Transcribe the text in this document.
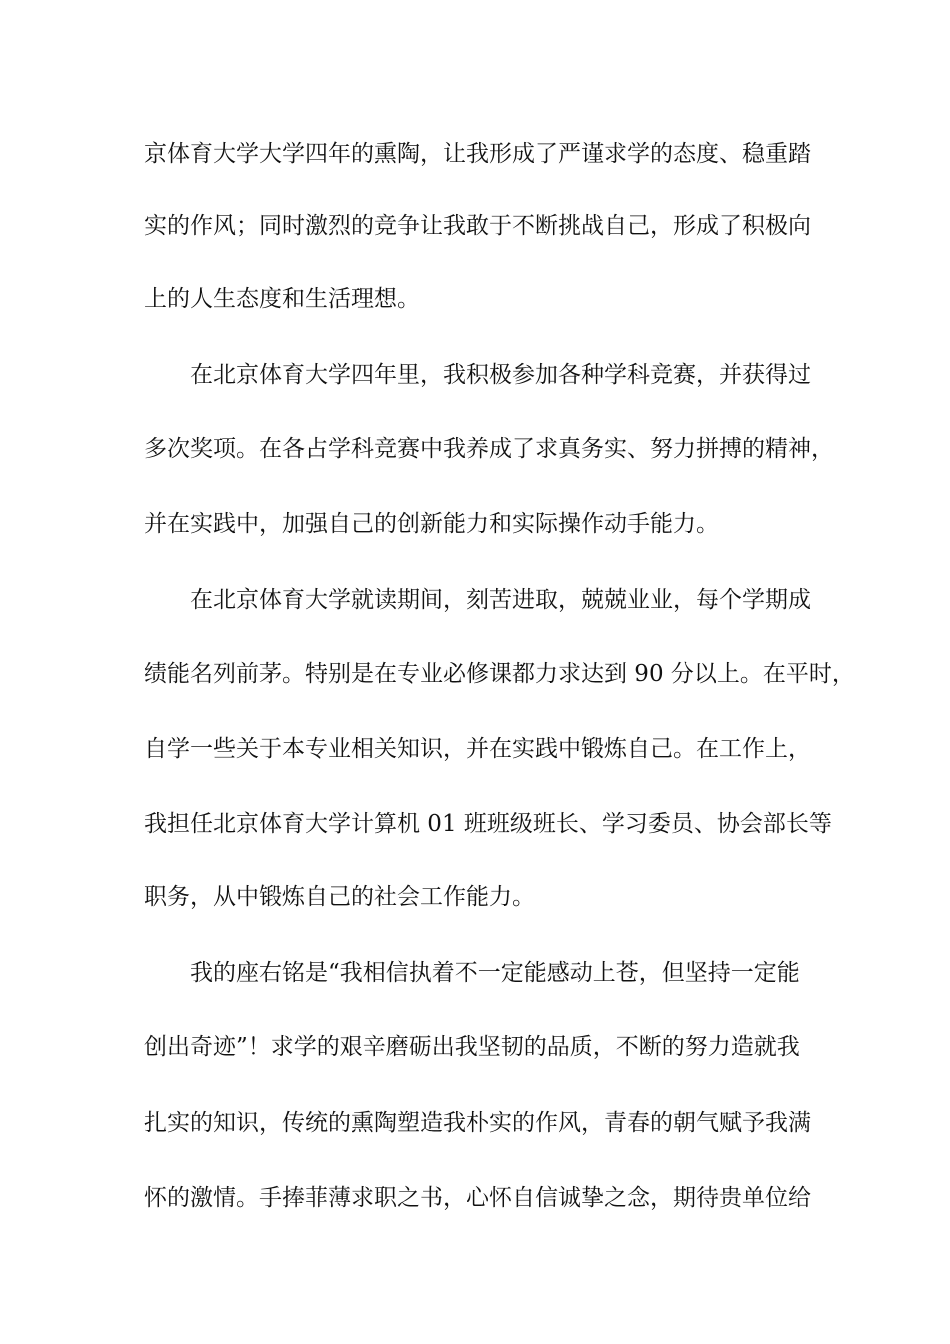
京体育大学大学四年的熏陶，让我形成了严谨求学的态度、稳重踏
实的作风；同时激烈的竞争让我敢于不断挑战自己，形成了积极向
上的人生态度和生活理想。
在北京体育大学四年里，我积极参加各种学科竞赛，并获得过
多次奖项。在各占学科竞赛中我养成了求真务实、努力拼搏的精神，
并在实践中，加强自己的创新能力和实际操作动手能力。
在北京体育大学就读期间，刻苦进取，兢兢业业，每个学期成
绩能名列前茅。特别是在专业必修课都力求达到 90 分以上。在平时，
自学一些关于本专业相关知识，并在实践中锻炼自己。在工作上，
我担任北京体育大学计算机 01 班班级班长、学习委员、协会部长等
职务，从中锻炼自己的社会工作能力。
我的座右铭是“我相信执着不一定能感动上苍，但坚持一定能
创出奇迹”！求学的艰辛磨砺出我坚韧的品质，不断的努力造就我
扎实的知识，传统的熏陶塑造我朴实的作风，青春的朝气赋予我满
怀的激情。手捧菲薄求职之书，心怀自信诚挚之念，期待贵单位给
